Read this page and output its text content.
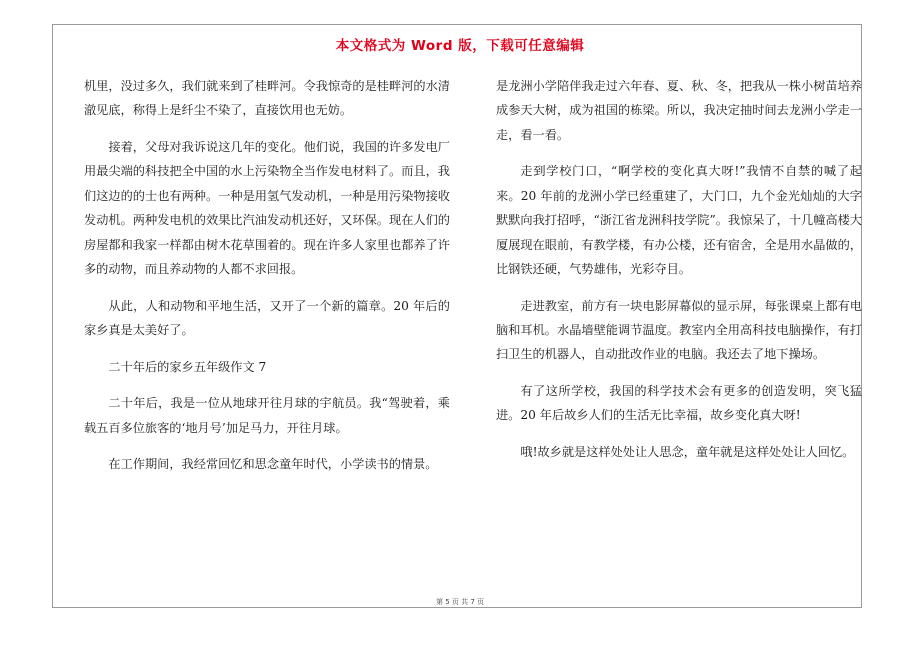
本文格式为 Word 版，下载可任意编辑

机里，没过多久，我们就来到了桂畔河。令我惊奇的是桂畔河的水清澈见底，称得上是纤尘不染了，直接饮用也无妨。

接着，父母对我诉说这几年的变化。他们说，我国的许多发电厂用最尖端的科技把全中国的水上污染物全当作发电材料了。而且，我们这边的的士也有两种。一种是用氢气发动机，一种是用污染物接收发动机。两种发电机的效果比汽油发动机还好，又环保。现在人们的房屋都和我家一样都由树木花草围着的。现在许多人家里也都养了许多的动物，而且养动物的人都不求回报。

从此，人和动物和平地生活，又开了一个新的篇章。20 年后的家乡真是太美好了。

二十年后的家乡五年级作文 7

二十年后，我是一位从地球开往月球的宇航员。我“驾驶着，乘载五百多位旅客的‘地月号’加足马力，开往月球。

在工作期间，我经常回忆和思念童年时代，小学读书的情景。

是龙洲小学陪伴我走过六年春、夏、秋、冬，把我从一株小树苗培养成参天大树，成为祖国的栋梁。所以，我决定抽时间去龙洲小学走一走，看一看。

走到学校门口，“啊学校的变化真大呀!”我情不自禁的喊了起来。20 年前的龙洲小学已经重建了，大门口，九个金光灿灿的大字默默向我打招呼，“浙江省龙洲科技学院”。我惊呆了，十几幢高楼大厦展现在眼前，有教学楼，有办公楼，还有宿舍，全是用水晶做的，比钢铁还硬，气势雄伟，光彩夺目。

走进教室，前方有一块电影屏幕似的显示屏，每张课桌上都有电脑和耳机。水晶墙壁能调节温度。教室内全用高科技电脑操作，有打扫卫生的机器人，自动批改作业的电脑。我还去了地下操场。

有了这所学校，我国的科学技术会有更多的创造发明，突飞猛进。20 年后故乡人们的生活无比幸福，故乡变化真大呀!

哦!故乡就是这样处处让人思念，童年就是这样处处让人回忆。

第 5 页 共 7 页
